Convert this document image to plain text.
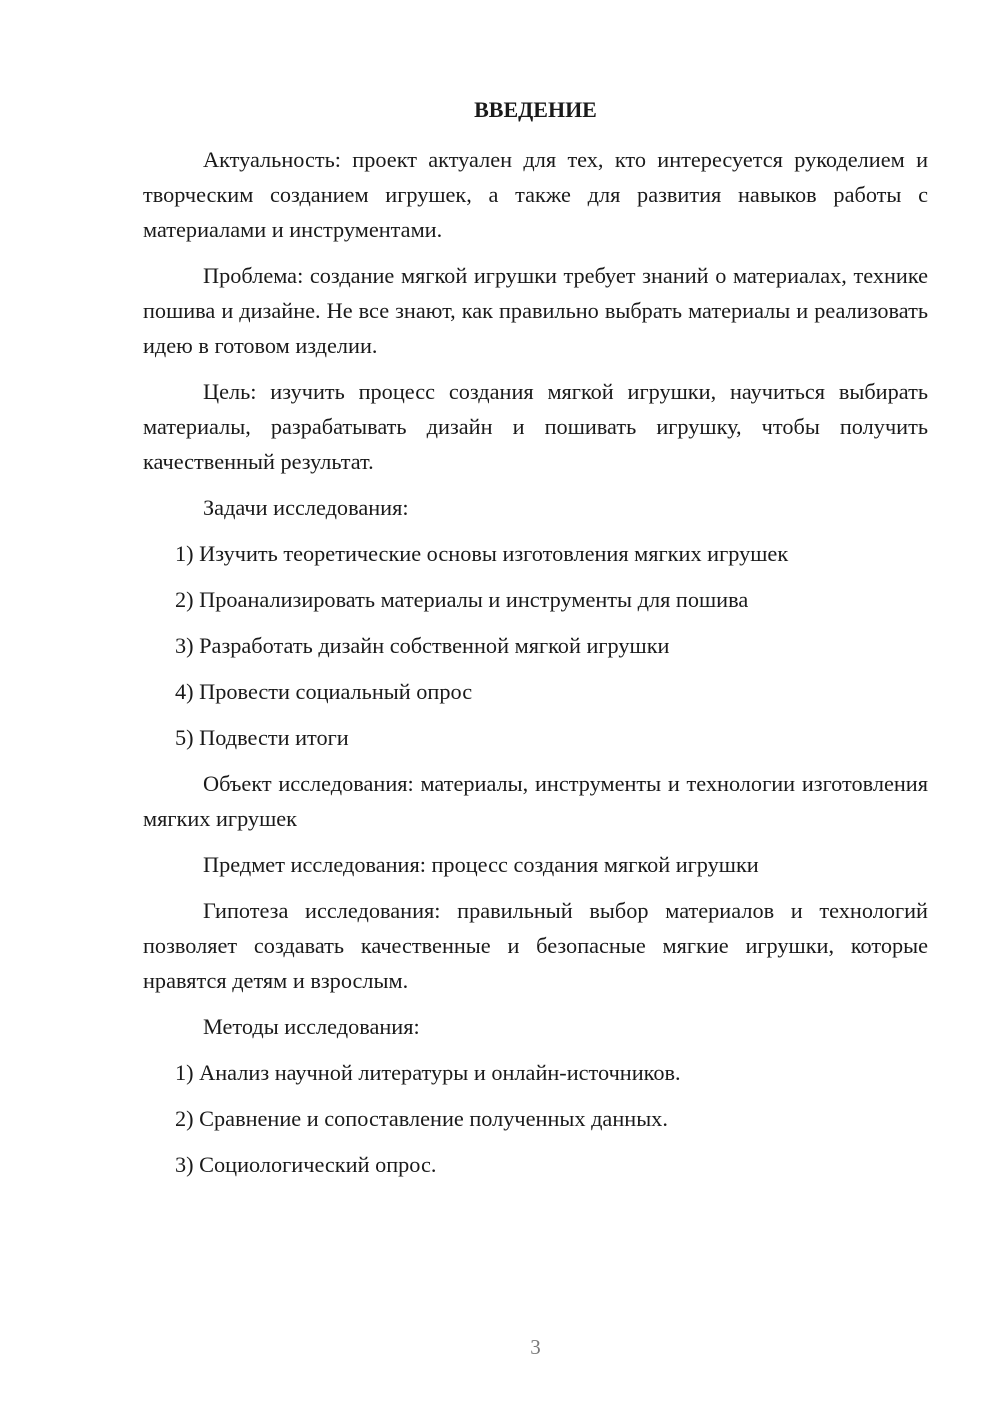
ВВЕДЕНИЕ

Актуальность: проект актуален для тех, кто интересуется рукоделием и творческим созданием игрушек, а также для развития навыков работы с материалами и инструментами.

Проблема: создание мягкой игрушки требует знаний о материалах, технике пошива и дизайне. Не все знают, как правильно выбрать материалы и реализовать идею в готовом изделии.

Цель: изучить процесс создания мягкой игрушки, научиться выбирать материалы, разрабатывать дизайн и пошивать игрушку, чтобы получить качественный результат.

Задачи исследования:

1) Изучить теоретические основы изготовления мягких игрушек

2) Проанализировать материалы и инструменты для пошива

3) Разработать дизайн собственной мягкой игрушки

4) Провести социальный опрос

5) Подвести итоги

Объект исследования: материалы, инструменты и технологии изготовления мягких игрушек

Предмет исследования: процесс создания мягкой игрушки

Гипотеза исследования: правильный выбор материалов и технологий позволяет создавать качественные и безопасные мягкие игрушки, которые нравятся детям и взрослым.

Методы исследования:

1) Анализ научной литературы и онлайн-источников.

2) Сравнение и сопоставление полученных данных.

3) Социологический опрос.

3
